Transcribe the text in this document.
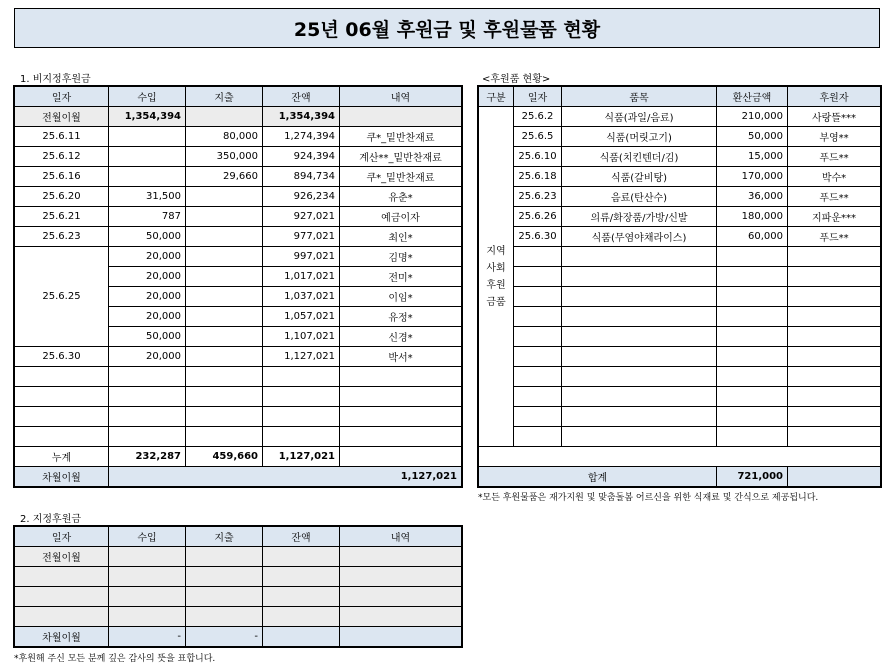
25년 06월 후원금 및 후원물품 현황
1. 비지정후원금
일자	수입	지출	잔액	내역
전월이월	1,354,394		1,354,394	
25.6.11		80,000	1,274,394	쿠*_밑반찬재료
25.6.12		350,000	924,394	계산**_밑반찬재료
25.6.16		29,660	894,734	쿠*_밑반찬재료
25.6.20	31,500		926,234	유춘*
25.6.21	787		927,021	예금이자
25.6.23	50,000		977,021	최인*
25.6.25	20,000		997,021	김명*
	20,000		1,017,021	전미*
	20,000		1,037,021	이임*
	20,000		1,057,021	유정*
	50,000		1,107,021	신경*
25.6.30	20,000		1,127,021	박서*

누계	232,287	459,660	1,127,021	
차월이월	1,127,021			
2. 지정후원금
일자	수입	지출	잔액	내역
전월이월				

차월이월	-	-		
*후원해 주신 모든 분께 깊은 감사의 뜻을 표합니다.
<후원품 현황>
구분	일자	품목	환산금액	후원자

지역
사회
후원
금품	25.6.2	식품(과일/음료)	210,000	사랑뜰***
	25.6.5	식품(머릿고기)	50,000	부영**
	25.6.10	식품(치킨텐더/김)	15,000	푸드**
	25.6.18	식품(갈비탕)	170,000	박수*
	25.6.23	음료(탄산수)	36,000	푸드**
	25.6.26	의류/화장품/가방/신발	180,000	지파운***
	25.6.30	식품(무염야채라이스)	60,000	푸드**

합계			721,000	
*모든 후원물품은 재가지원 및 맞춤돌봄 어르신을 위한 식재료 및 간식으로 제공됩니다.
